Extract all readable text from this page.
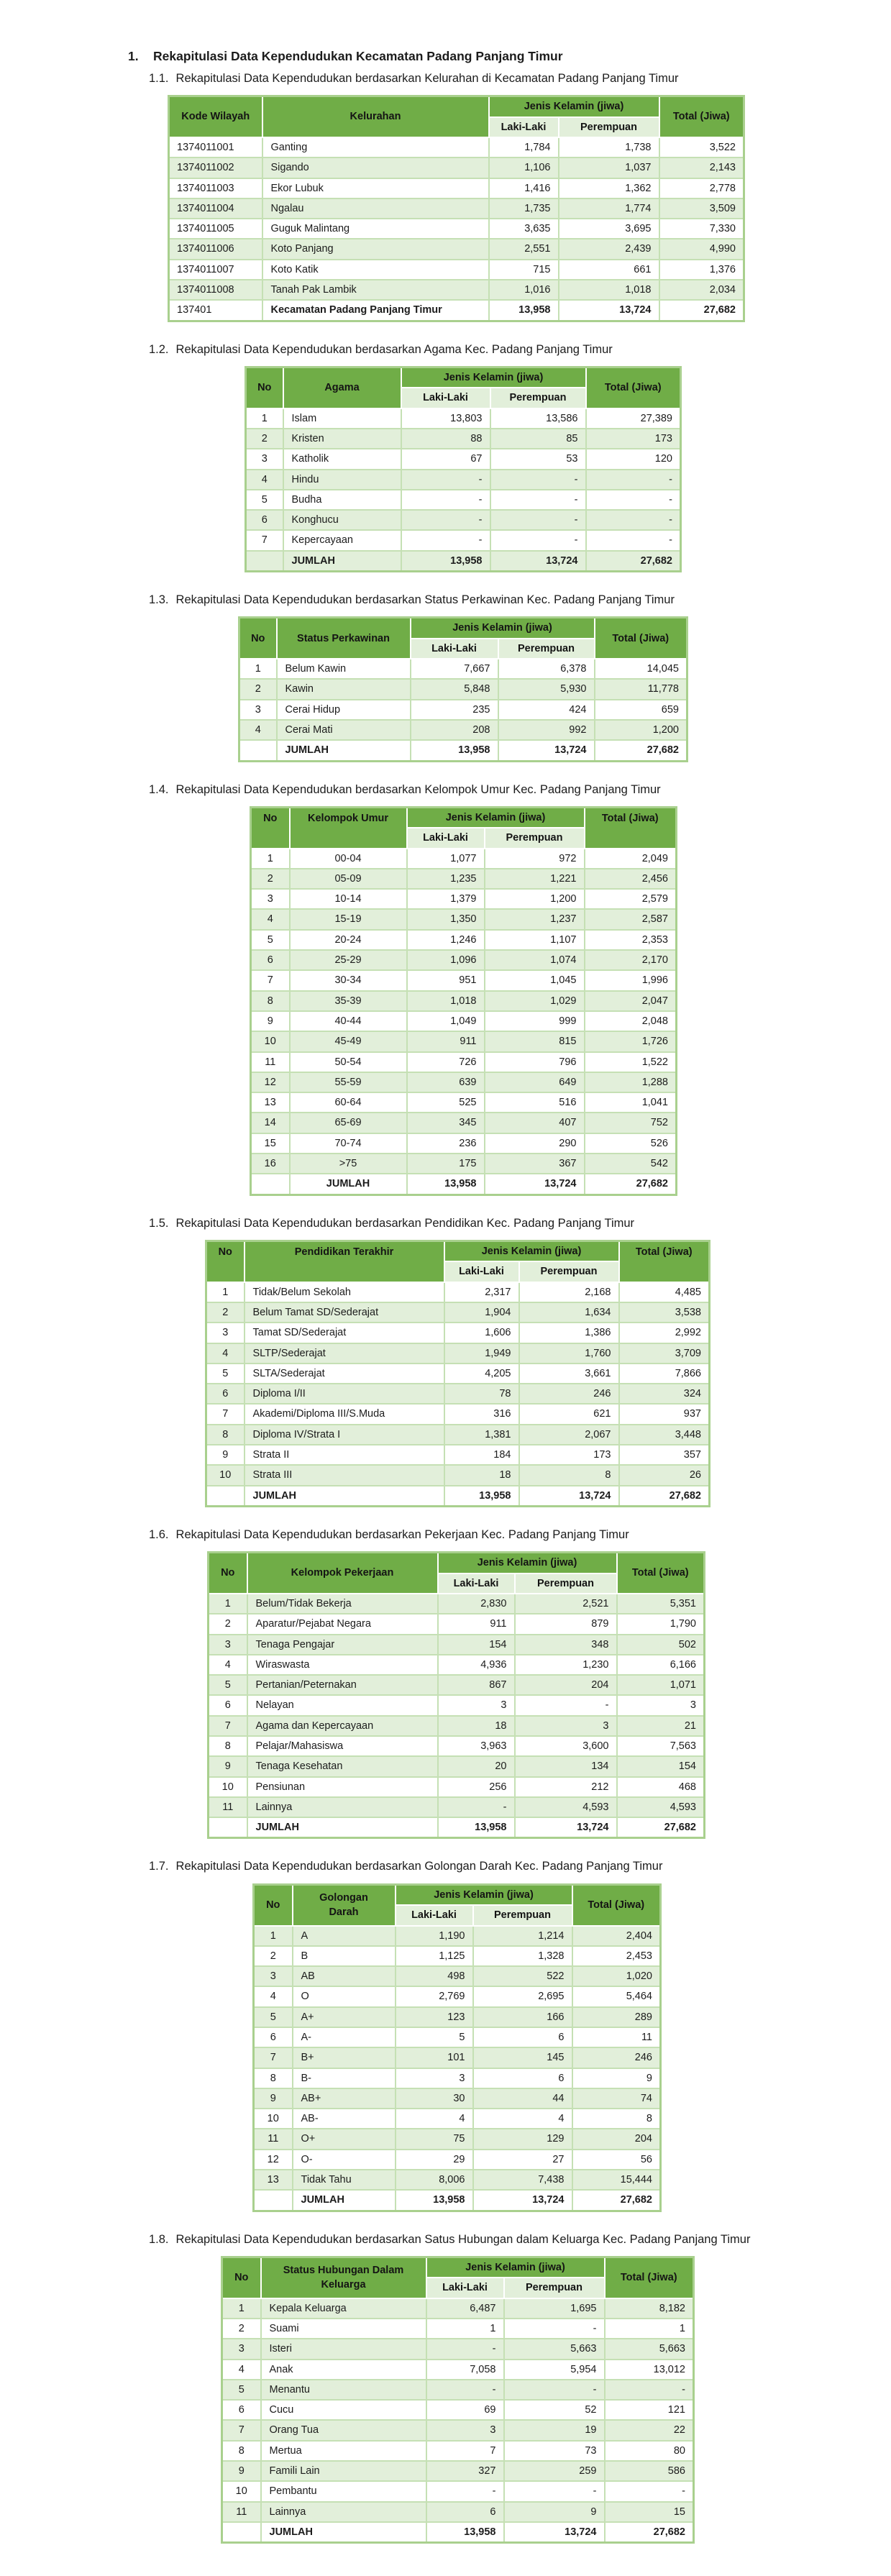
1.	Rekapitulasi Data Kependudukan Kecamatan Padang Panjang Timur
1.1. Rekapitulasi Data Kependudukan berdasarkan Kelurahan di Kecamatan Padang Panjang Timur
Kode Wilayah	Kelurahan	Jenis Kelamin (jiwa)		Total (Jiwa)
		Laki-Laki	Perempuan	
1374011001	Ganting	1,784	1,738	3,522
1374011002	Sigando	1,106	1,037	2,143
1374011003	Ekor Lubuk	1,416	1,362	2,778
1374011004	Ngalau	1,735	1,774	3,509
1374011005	Guguk Malintang	3,635	3,695	7,330
1374011006	Koto Panjang	2,551	2,439	4,990
1374011007	Koto Katik	715	661	1,376
1374011008	Tanah Pak Lambik	1,016	1,018	2,034
137401	Kecamatan Padang Panjang Timur	13,958	13,724	27,682
1.2. Rekapitulasi Data Kependudukan berdasarkan Agama Kec. Padang Panjang Timur
No	Agama	Jenis Kelamin (jiwa)		Total (Jiwa)
		Laki-Laki	Perempuan	
1	Islam	13,803	13,586	27,389
2	Kristen	88	85	173
3	Katholik	67	53	120
4	Hindu	-	-	-
5	Budha	-	-	-
6	Konghucu	-	-	-
7	Kepercayaan	-	-	-
	JUMLAH	13,958	13,724	27,682
1.3. Rekapitulasi Data Kependudukan berdasarkan Status Perkawinan Kec. Padang Panjang Timur
No	Status Perkawinan	Jenis Kelamin (jiwa)		Total (Jiwa)
		Laki-Laki	Perempuan	
1	Belum Kawin	7,667	6,378	14,045
2	Kawin	5,848	5,930	11,778
3	Cerai Hidup	235	424	659
4	Cerai Mati	208	992	1,200
	JUMLAH	13,958	13,724	27,682
1.4. Rekapitulasi Data Kependudukan berdasarkan Kelompok Umur Kec. Padang Panjang Timur
No	Kelompok Umur	Jenis Kelamin (jiwa)		Total (Jiwa)
		Laki-Laki	Perempuan	
1	00-04	1,077	972	2,049
2	05-09	1,235	1,221	2,456
3	10-14	1,379	1,200	2,579
4	15-19	1,350	1,237	2,587
5	20-24	1,246	1,107	2,353
6	25-29	1,096	1,074	2,170
7	30-34	951	1,045	1,996
8	35-39	1,018	1,029	2,047
9	40-44	1,049	999	2,048
10	45-49	911	815	1,726
11	50-54	726	796	1,522
12	55-59	639	649	1,288
13	60-64	525	516	1,041
14	65-69	345	407	752
15	70-74	236	290	526
16	>75	175	367	542
	JUMLAH	13,958	13,724	27,682
1.5. Rekapitulasi Data Kependudukan berdasarkan Pendidikan Kec. Padang Panjang Timur
No	Pendidikan Terakhir	Jenis Kelamin (jiwa)		Total (Jiwa)
		Laki-Laki	Perempuan	
1	Tidak/Belum Sekolah	2,317	2,168	4,485
2	Belum Tamat SD/Sederajat	1,904	1,634	3,538
3	Tamat SD/Sederajat	1,606	1,386	2,992
4	SLTP/Sederajat	1,949	1,760	3,709
5	SLTA/Sederajat	4,205	3,661	7,866
6	Diploma I/II	78	246	324
7	Akademi/Diploma III/S.Muda	316	621	937
8	Diploma IV/Strata I	1,381	2,067	3,448
9	Strata II	184	173	357
10	Strata III	18	8	26
	JUMLAH	13,958	13,724	27,682
1.6. Rekapitulasi Data Kependudukan berdasarkan Pekerjaan Kec. Padang Panjang Timur
No	Kelompok Pekerjaan	Jenis Kelamin (jiwa)		Total (Jiwa)
		Laki-Laki	Perempuan	
1	Belum/Tidak Bekerja	2,830	2,521	5,351
2	Aparatur/Pejabat Negara	911	879	1,790
3	Tenaga Pengajar	154	348	502
4	Wiraswasta	4,936	1,230	6,166
5	Pertanian/Peternakan	867	204	1,071
6	Nelayan	3	-	3
7	Agama dan Kepercayaan	18	3	21
8	Pelajar/Mahasiswa	3,963	3,600	7,563
9	Tenaga Kesehatan	20	134	154
10	Pensiunan	256	212	468
11	Lainnya	-	4,593	4,593
	JUMLAH	13,958	13,724	27,682
1.7. Rekapitulasi Data Kependudukan berdasarkan Golongan Darah Kec. Padang Panjang Timur
No	Golongan Darah	Jenis Kelamin (jiwa)		Total (Jiwa)
		Laki-Laki	Perempuan	
1	A	1,190	1,214	2,404
2	B	1,125	1,328	2,453
3	AB	498	522	1,020
4	O	2,769	2,695	5,464
5	A+	123	166	289
6	A-	5	6	11
7	B+	101	145	246
8	B-	3	6	9
9	AB+	30	44	74
10	AB-	4	4	8
11	O+	75	129	204
12	O-	29	27	56
13	Tidak Tahu	8,006	7,438	15,444
	JUMLAH	13,958	13,724	27,682
1.8. Rekapitulasi Data Kependudukan berdasarkan Satus Hubungan dalam Keluarga Kec. Padang Panjang Timur
No	Status Hubungan Dalam Keluarga	Jenis Kelamin (jiwa)		Total (Jiwa)
		Laki-Laki	Perempuan	
1	Kepala Keluarga	6,487	1,695	8,182
2	Suami	1	-	1
3	Isteri	-	5,663	5,663
4	Anak	7,058	5,954	13,012
5	Menantu	-	-	-
6	Cucu	69	52	121
7	Orang Tua	3	19	22
8	Mertua	7	73	80
9	Famili Lain	327	259	586
10	Pembantu	-	-	-
11	Lainnya	6	9	15
	JUMLAH	13,958	13,724	27,682
